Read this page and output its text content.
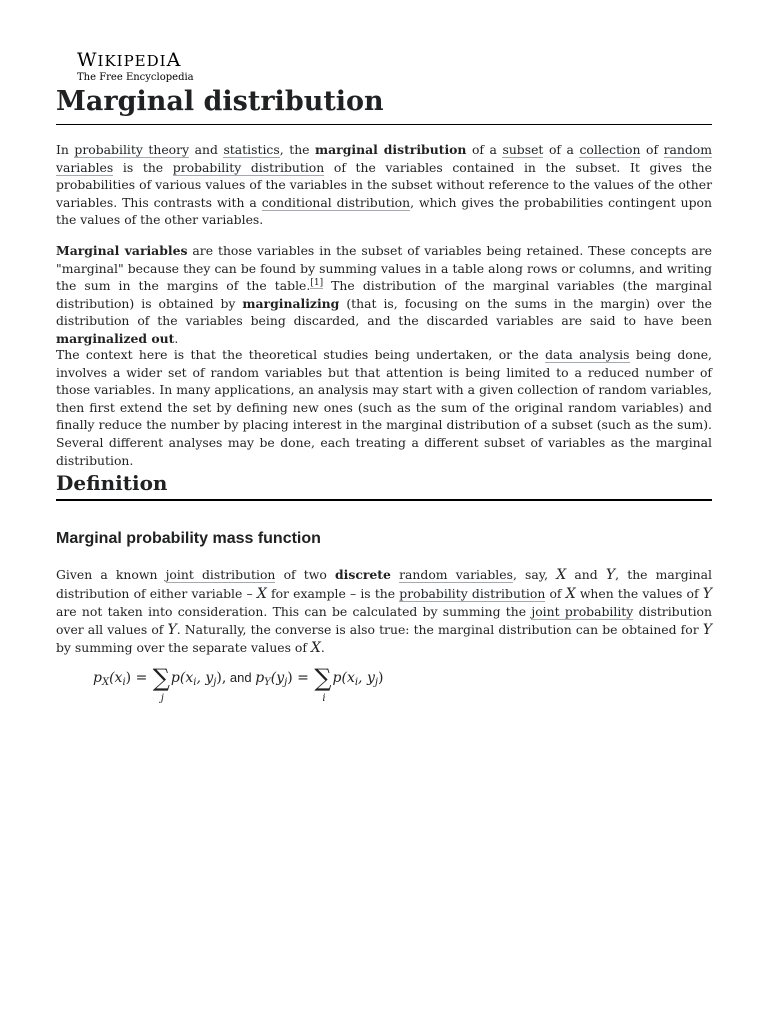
WIKIPEDIA
The Free Encyclopedia
Marginal distribution

In probability theory and statistics, the marginal distribution of a subset of a collection of random variables is the probability distribution of the variables contained in the subset. It gives the probabilities of various values of the variables in the subset without reference to the values of the other variables. This contrasts with a conditional distribution, which gives the probabilities contingent upon the values of the other variables.

Marginal variables are those variables in the subset of variables being retained. These concepts are "marginal" because they can be found by summing values in a table along rows or columns, and writing the sum in the margins of the table.[1] The distribution of the marginal variables (the marginal distribution) is obtained by marginalizing (that is, focusing on the sums in the margin) over the distribution of the variables being discarded, and the discarded variables are said to have been marginalized out.

The context here is that the theoretical studies being undertaken, or the data analysis being done, involves a wider set of random variables but that attention is being limited to a reduced number of those variables. In many applications, an analysis may start with a given collection of random variables, then first extend the set by defining new ones (such as the sum of the original random variables) and finally reduce the number by placing interest in the marginal distribution of a subset (such as the sum). Several different analyses may be done, each treating a different subset of variables as the marginal distribution.

Definition
Marginal probability mass function

Given a known joint distribution of two discrete random variables, say, X and Y, the marginal distribution of either variable – X for example – is the probability distribution of X when the values of Y are not taken into consideration. This can be calculated by summing the joint probability distribution over all values of Y. Naturally, the converse is also true: the marginal distribution can be obtained for Y by summing over the separate values of X.

$p_X(x_i)$ = ∑
j
$p(x_i$, $y_j$), and $p_Y(y_j)$ = ∑
i
$p(x_i$, $y_j$)
